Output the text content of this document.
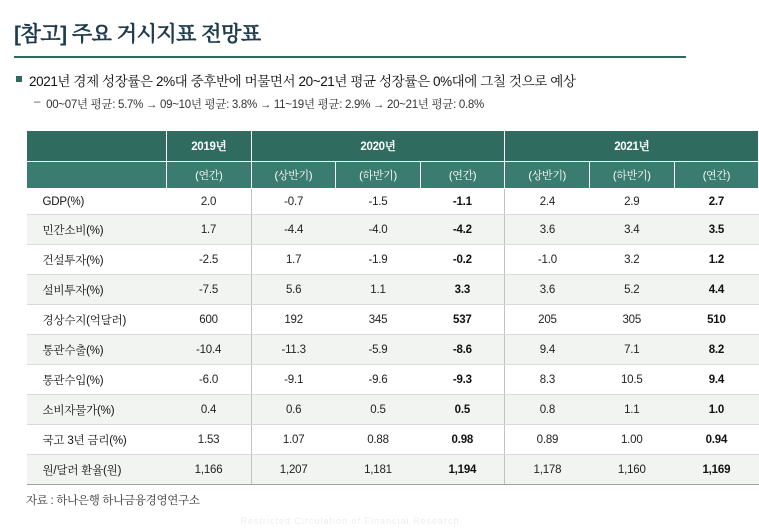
[참고] 주요 거시지표 전망표
2021년 경제 성장률은 2%대 중후반에 머물면서 20~21년 평균 성장률은 0%대에 그칠 것으로 예상
– 00~07년 평균: 5.7% → 09~10년 평균: 3.8% → 11~19년 평균: 2.9% → 20~21년 평균: 0.8%
	2019년	2020년			2021년		
	(연간)	(상반기)	(하반기)	(연간)	(상반기)	(하반기)	(연간)
GDP(%)	2.0	-0.7	-1.5	-1.1	2.4	2.9	2.7
민간소비(%)	1.7	-4.4	-4.0	-4.2	3.6	3.4	3.5
건설투자(%)	-2.5	1.7	-1.9	-0.2	-1.0	3.2	1.2
설비투자(%)	-7.5	5.6	1.1	3.3	3.6	5.2	4.4
경상수지(억달러)	600	192	345	537	205	305	510
통관수출(%)	-10.4	-11.3	-5.9	-8.6	9.4	7.1	8.2
통관수입(%)	-6.0	-9.1	-9.6	-9.3	8.3	10.5	9.4
소비자물가(%)	0.4	0.6	0.5	0.5	0.8	1.1	1.0
국고 3년 금리(%)	1.53	1.07	0.88	0.98	0.89	1.00	0.94
원/달러 환율(원)	1,166	1,207	1,181	1,194	1,178	1,160	1,169
자료 : 하나은행 하나금융경영연구소
Restricted Circulation of Financial Research
